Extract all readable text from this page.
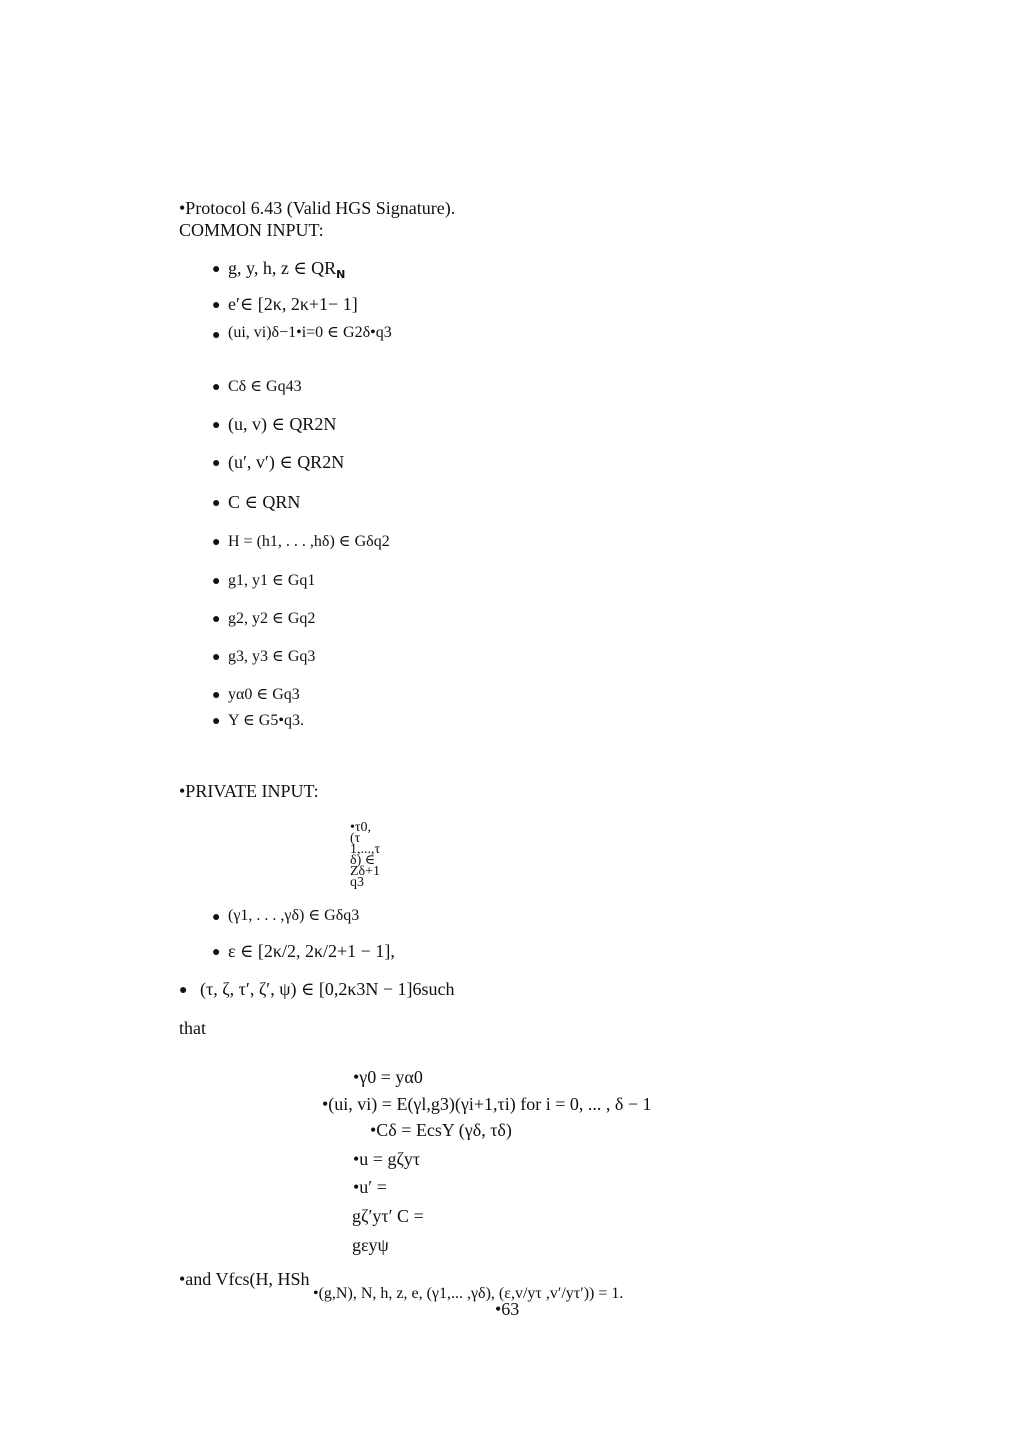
•Protocol 6.43 (Valid HGS Signature).
COMMON INPUT:
● g, y, h, z ∈ $QR_N$
● e′∈ [2κ, 2κ+1− 1]
● (ui, vi)δ−1•i=0 ∈ G2δ•q3
● Cδ ∈ Gq43
● (u, v) ∈ QR2N
● (u′, v′) ∈ QR2N
● C ∈ QRN
● H = (h1, . . . ,hδ) ∈ Gδq2
● g1, y1 ∈ Gq1
● g2, y2 ∈ Gq2
● g3, y3 ∈ Gq3
● yα0 ∈ Gq3
● Y ∈ G5•q3.
•PRIVATE INPUT:
•τ0, (τ1,...,τδ) ∈ Zδ+1 q3
● (γ1, . . . ,γδ) ∈ Gδq3
● ε ∈ [2κ/2, 2κ/2+1 − 1],
● (τ, ζ, τ′, ζ′, ψ) ∈ [0,2κ3N − 1]6such
that
•γ0 = yα0
•(ui, vi) = E(γl,g3)(γi+1,τi) for i = 0, ... , δ − 1
•Cδ = EcsY (γδ, τδ)
•u = gζyτ
•u′ =
gζ′yτ′ C =
gεyψ
•and Vfcs(H, HSh
•(g,N), N, h, z, e, (γ1,... ,γδ), (ε,v/yτ ,v′/yτ′)) = 1.
•63
